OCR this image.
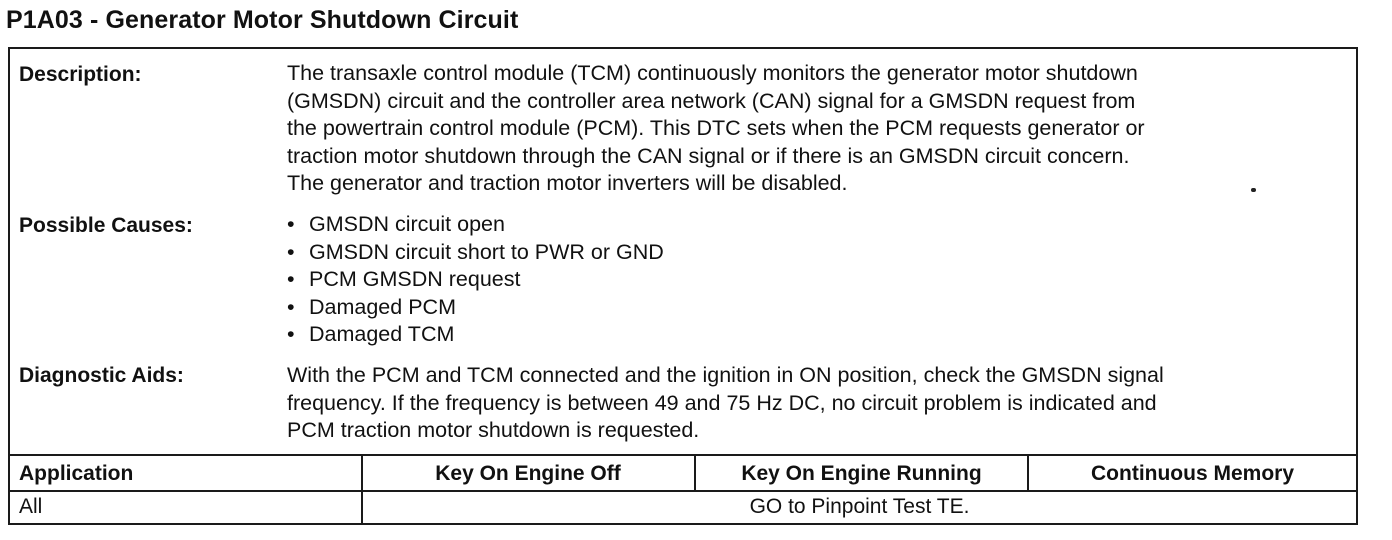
P1A03 - Generator Motor Shutdown Circuit
Description:	The transaxle control module (TCM) continuously monitors the generator motor shutdown
(GMSDN) circuit and the controller area network (CAN) signal for a GMSDN request from
the powertrain control module (PCM). This DTC sets when the PCM requests generator or
traction motor shutdown through the CAN signal or if there is an GMSDN circuit concern.
The generator and traction motor inverters will be disabled.
Possible Causes:	• GMSDN circuit open
• GMSDN circuit short to PWR or GND
• PCM GMSDN request
• Damaged PCM
• Damaged TCM
Diagnostic Aids:	With the PCM and TCM connected and the ignition in ON position, check the GMSDN signal
frequency. If the frequency is between 49 and 75 Hz DC, no circuit problem is indicated and
PCM traction motor shutdown is requested.
Application	Key On Engine Off	Key On Engine Running	Continuous Memory
All	GO to Pinpoint Test TE.
